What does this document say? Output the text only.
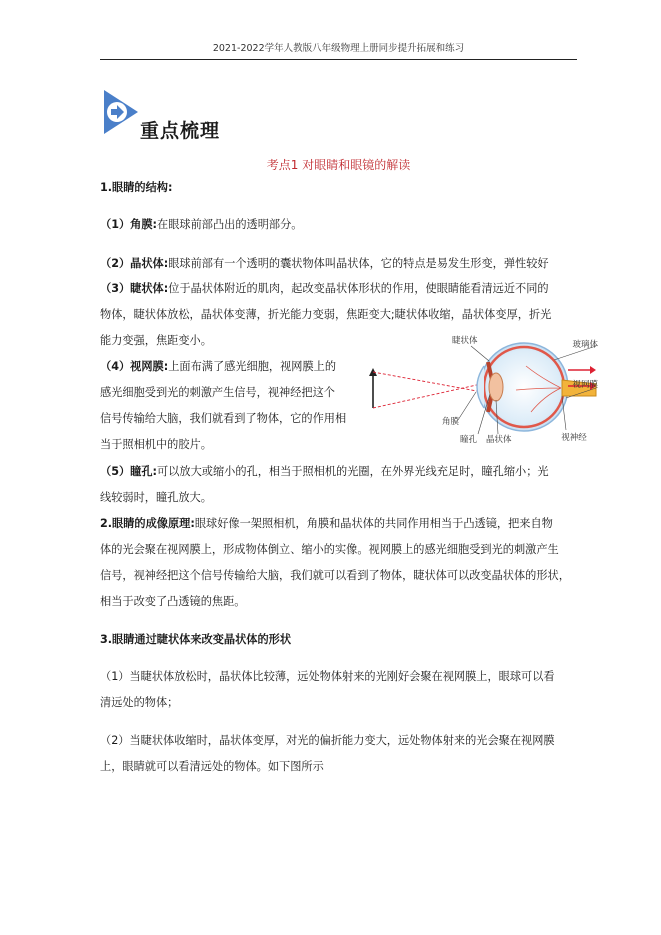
2021-2022学年人教版八年级物理上册同步提升拓展和练习
重点梳理
考点1 对眼睛和眼镜的解读
1.眼睛的结构:
（1）角膜:在眼球前部凸出的透明部分。
（2）晶状体:眼球前部有一个透明的囊状物体叫晶状体，它的特点是易发生形变，弹性较好
（3）睫状体:位于晶状体附近的肌肉，起改变晶状体形状的作用，使眼睛能看清远近不同的
物体，睫状体放松，晶状体变薄，折光能力变弱，焦距变大;睫状体收缩，晶状体变厚，折光
能力变强，焦距变小。
（4）视网膜:上面布满了感光细胞，视网膜上的
感光细胞受到光的刺激产生信号，视神经把这个
信号传输给大脑，我们就看到了物体，它的作用相
当于照相机中的胶片。
睫状体	玻璃体
视网膜
角膜
瞳孔 晶状体	视神经
（5）瞳孔:可以放大或缩小的孔，相当于照相机的光圈，在外界光线充足时，瞳孔缩小；光
线较弱时，瞳孔放大。
2.眼睛的成像原理:眼球好像一架照相机，角膜和晶状体的共同作用相当于凸透镜，把来自物
体的光会聚在视网膜上，形成物体倒立、缩小的实像。视网膜上的感光细胞受到光的刺激产生
信号，视神经把这个信号传输给大脑，我们就可以看到了物体，睫状体可以改变晶状体的形状，
相当于改变了凸透镜的焦距。
3.眼睛通过睫状体来改变晶状体的形状
（1）当睫状体放松时，晶状体比较薄，远处物体射来的光刚好会聚在视网膜上，眼球可以看
清远处的物体；
（2）当睫状体收缩时，晶状体变厚，对光的偏折能力变大，远处物体射来的光会聚在视网膜
上，眼睛就可以看清远处的物体。如下图所示
